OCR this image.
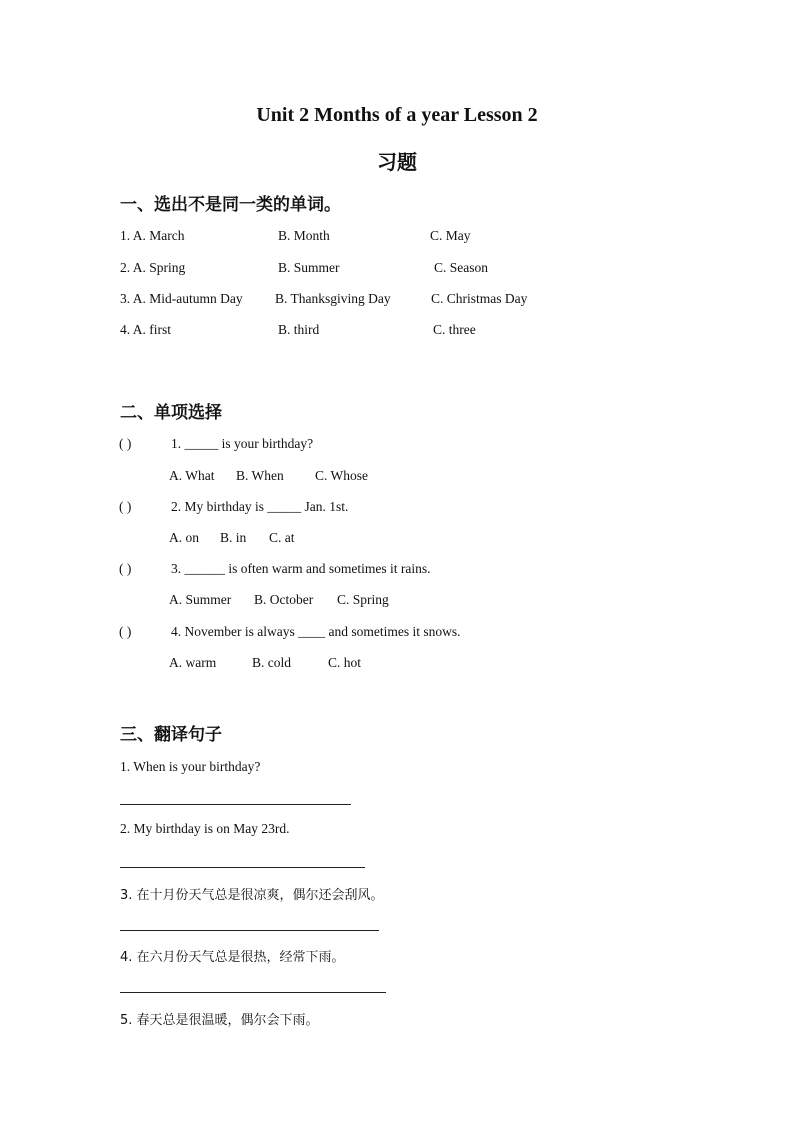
Unit 2 Months of a year Lesson 2
习题
一、选出不是同一类的单词。
1. A. March	B. Month	C. May
2. A. Spring	B. Summer	C. Season
3. A. Mid-autumn Day B. Thanksgiving Day	C. Christmas Day
4. A. first	B. third	C. three
二、单项选择
( )	1. _____ is your birthday?
A. What B. When C. Whose
( )	2. My birthday is _____ Jan. 1st.
A. on B. in C. at
( )	3. ______ is often warm and sometimes it rains.
A. Summer B. October C. Spring
( )	4. November is always ____ and sometimes it snows.
A. warm	B. cold	C. hot
三、翻译句子
1. When is your birthday?
2. My birthday is on May 23rd.
3. 在十月份天气总是很凉爽，偶尔还会刮风。
4. 在六月份天气总是很热，经常下雨。
5. 春天总是很温暖，偶尔会下雨。
